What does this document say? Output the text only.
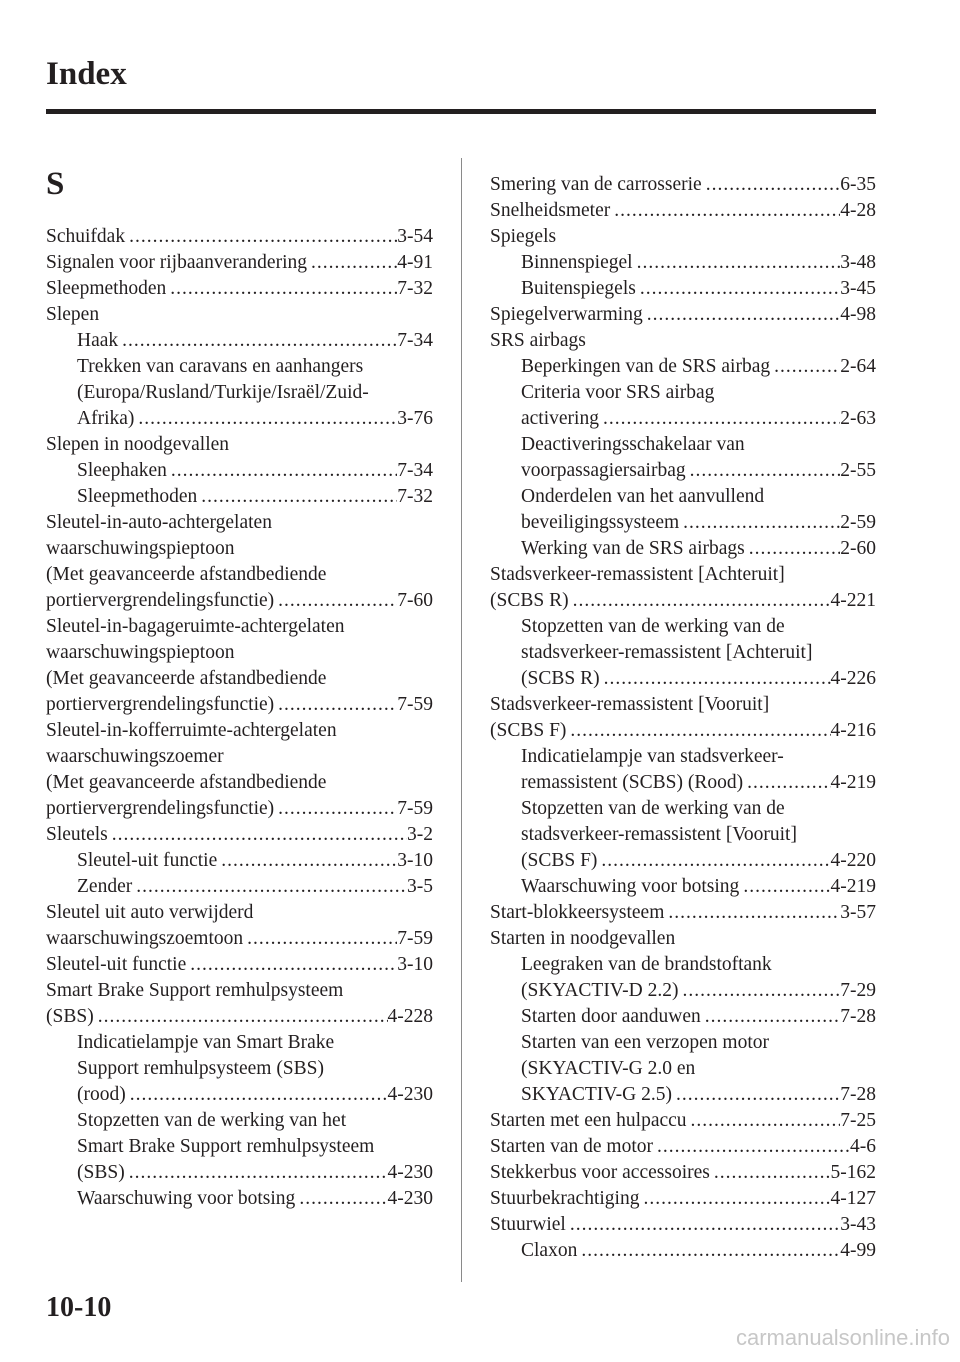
Index
S
Schuifdak .....	3-54
Signalen voor rijbaanverandering .....	4-91
Sleepmethoden .....	7-32
Slepen
Haak .....	7-34
Trekken van caravans en aanhangers
(Europa/Rusland/Turkije/Israël/Zuid-
Afrika) .....	3-76
Slepen in noodgevallen
Sleephaken .....	7-34
Sleepmethoden .....	7-32
Sleutel-in-auto-achtergelaten
waarschuwingspieptoon
(Met geavanceerde afstandbediende
portiervergrendelingsfunctie) .....	7-60
Sleutel-in-bagageruimte-achtergelaten
waarschuwingspieptoon
(Met geavanceerde afstandbediende
portiervergrendelingsfunctie) .....	7-59
Sleutel-in-kofferruimte-achtergelaten
waarschuwingszoemer
(Met geavanceerde afstandbediende
portiervergrendelingsfunctie) .....	7-59
Sleutels .....	3-2
Sleutel-uit functie .....	3-10
Zender .....	3-5
Sleutel uit auto verwijderd
waarschuwingszoemtoon .....	7-59
Sleutel-uit functie .....	3-10
Smart Brake Support remhulpsysteem
(SBS) .....	4-228
Indicatielampje van Smart Brake
Support remhulpsysteem (SBS)
(rood) .....	4-230
Stopzetten van de werking van het
Smart Brake Support remhulpsysteem
(SBS) .....	4-230
Waarschuwing voor botsing .....	4-230
Smering van de carrosserie .....	6-35
Snelheidsmeter .....	4-28
Spiegels
Binnenspiegel .....	3-48
Buitenspiegels .....	3-45
Spiegelverwarming .....	4-98
SRS airbags
Beperkingen van de SRS airbag .....	2-64
Criteria voor SRS airbag
activering .....	2-63
Deactiveringsschakelaar van
voorpassagiersairbag .....	2-55
Onderdelen van het aanvullend
beveiligingssysteem .....	2-59
Werking van de SRS airbags .....	2-60
Stadsverkeer-remassistent [Achteruit]
(SCBS R) .....	4-221
Stopzetten van de werking van de
stadsverkeer-remassistent [Achteruit]
(SCBS R) .....	4-226
Stadsverkeer-remassistent [Vooruit]
(SCBS F) .....	4-216
Indicatielampje van stadsverkeer-
remassistent (SCBS) (Rood) .....	4-219
Stopzetten van de werking van de
stadsverkeer-remassistent [Vooruit]
(SCBS F) .....	4-220
Waarschuwing voor botsing .....	4-219
Start-blokkeersysteem .....	3-57
Starten in noodgevallen
Leegraken van de brandstoftank
(SKYACTIV-D 2.2) .....	7-29
Starten door aanduwen .....	7-28
Starten van een verzopen motor
(SKYACTIV-G 2.0 en
SKYACTIV-G 2.5) .....	7-28
Starten met een hulpaccu .....	7-25
Starten van de motor .....	4-6
Stekkerbus voor accessoires .....	5-162
Stuurbekrachtiging .....	4-127
Stuurwiel .....	3-43
Claxon .....	4-99
10-10
carmanualsonline.info
